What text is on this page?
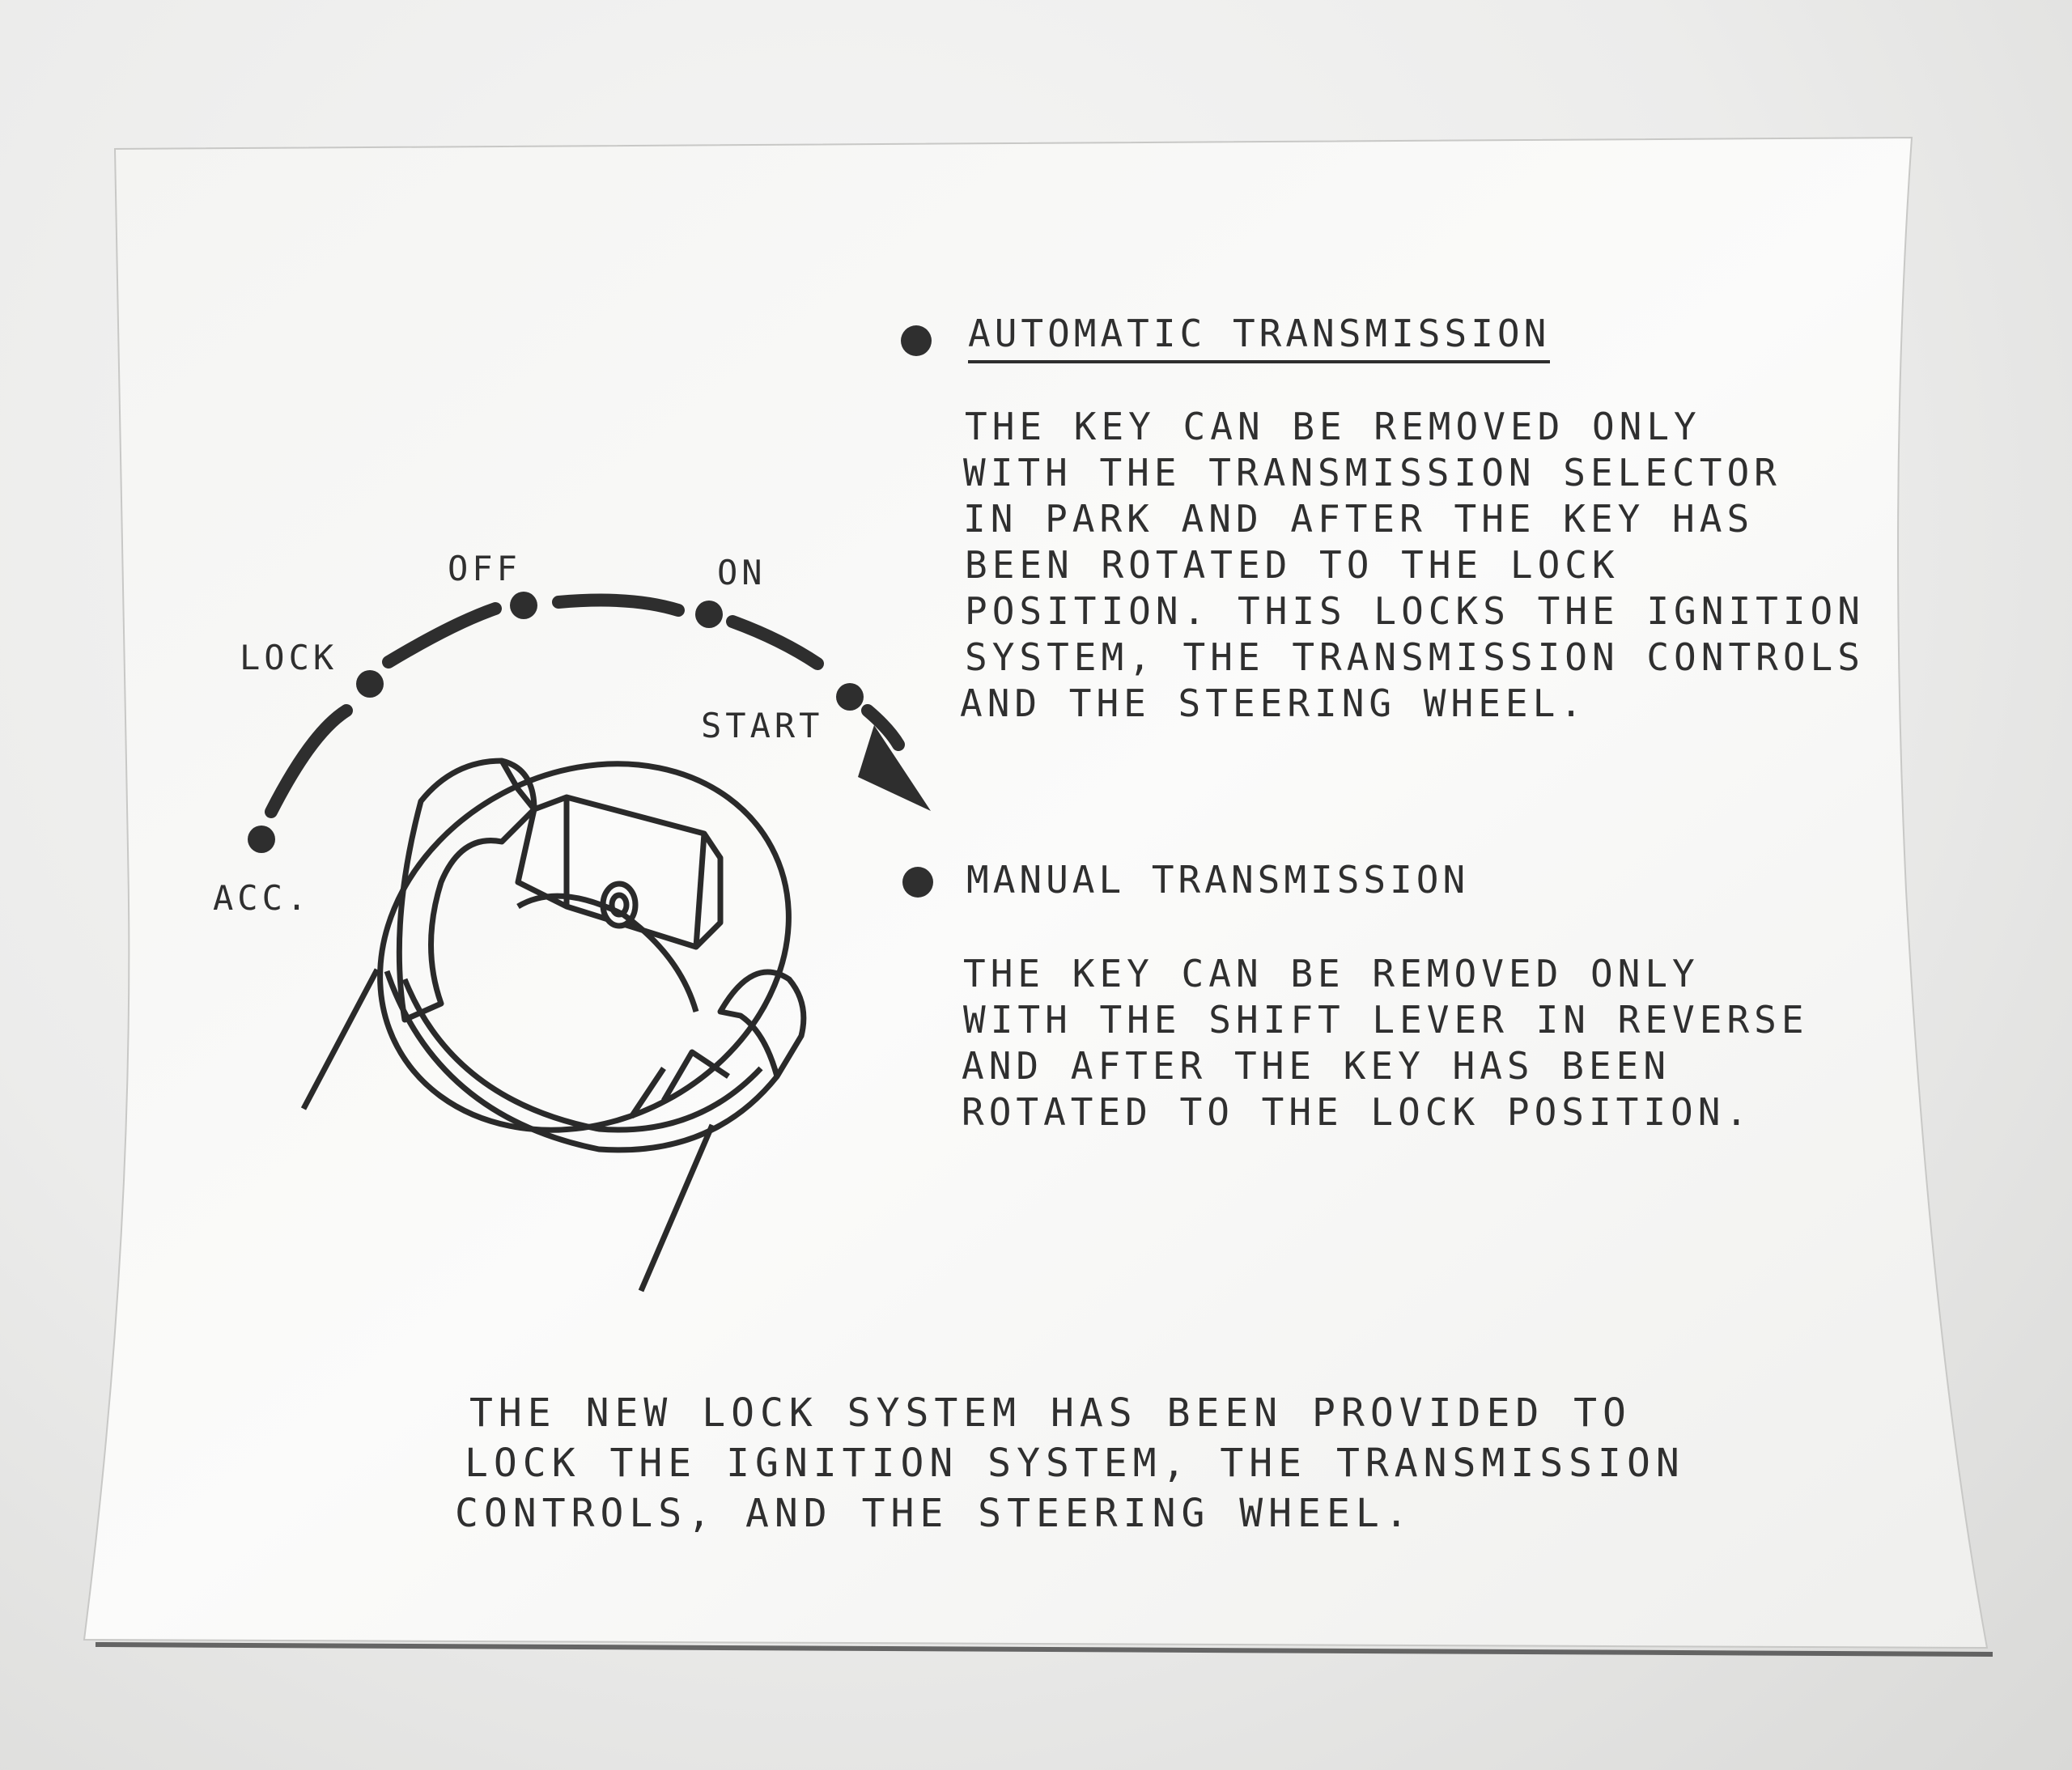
ACC.

LOCK

OFF	ON

START

AUTOMATIC TRANSMISSION

THE KEY CAN BE REMOVED ONLY

WITH THE TRANSMISSION SELECTOR

IN PARK AND AFTER THE KEY HAS

BEEN ROTATED TO THE LOCK

POSITION. THIS LOCKS THE IGNITION

SYSTEM, THE TRANSMISSION CONTROLS

AND THE STEERING WHEEL.

MANUAL TRANSMISSION

THE KEY CAN BE REMOVED ONLY

WITH THE SHIFT LEVER IN REVERSE

AND AFTER THE KEY HAS BEEN

ROTATED TO THE LOCK POSITION.

THE NEW LOCK SYSTEM HAS BEEN PROVIDED TO

LOCK THE IGNITION SYSTEM, THE TRANSMISSION

CONTROLS, AND THE STEERING WHEEL.
